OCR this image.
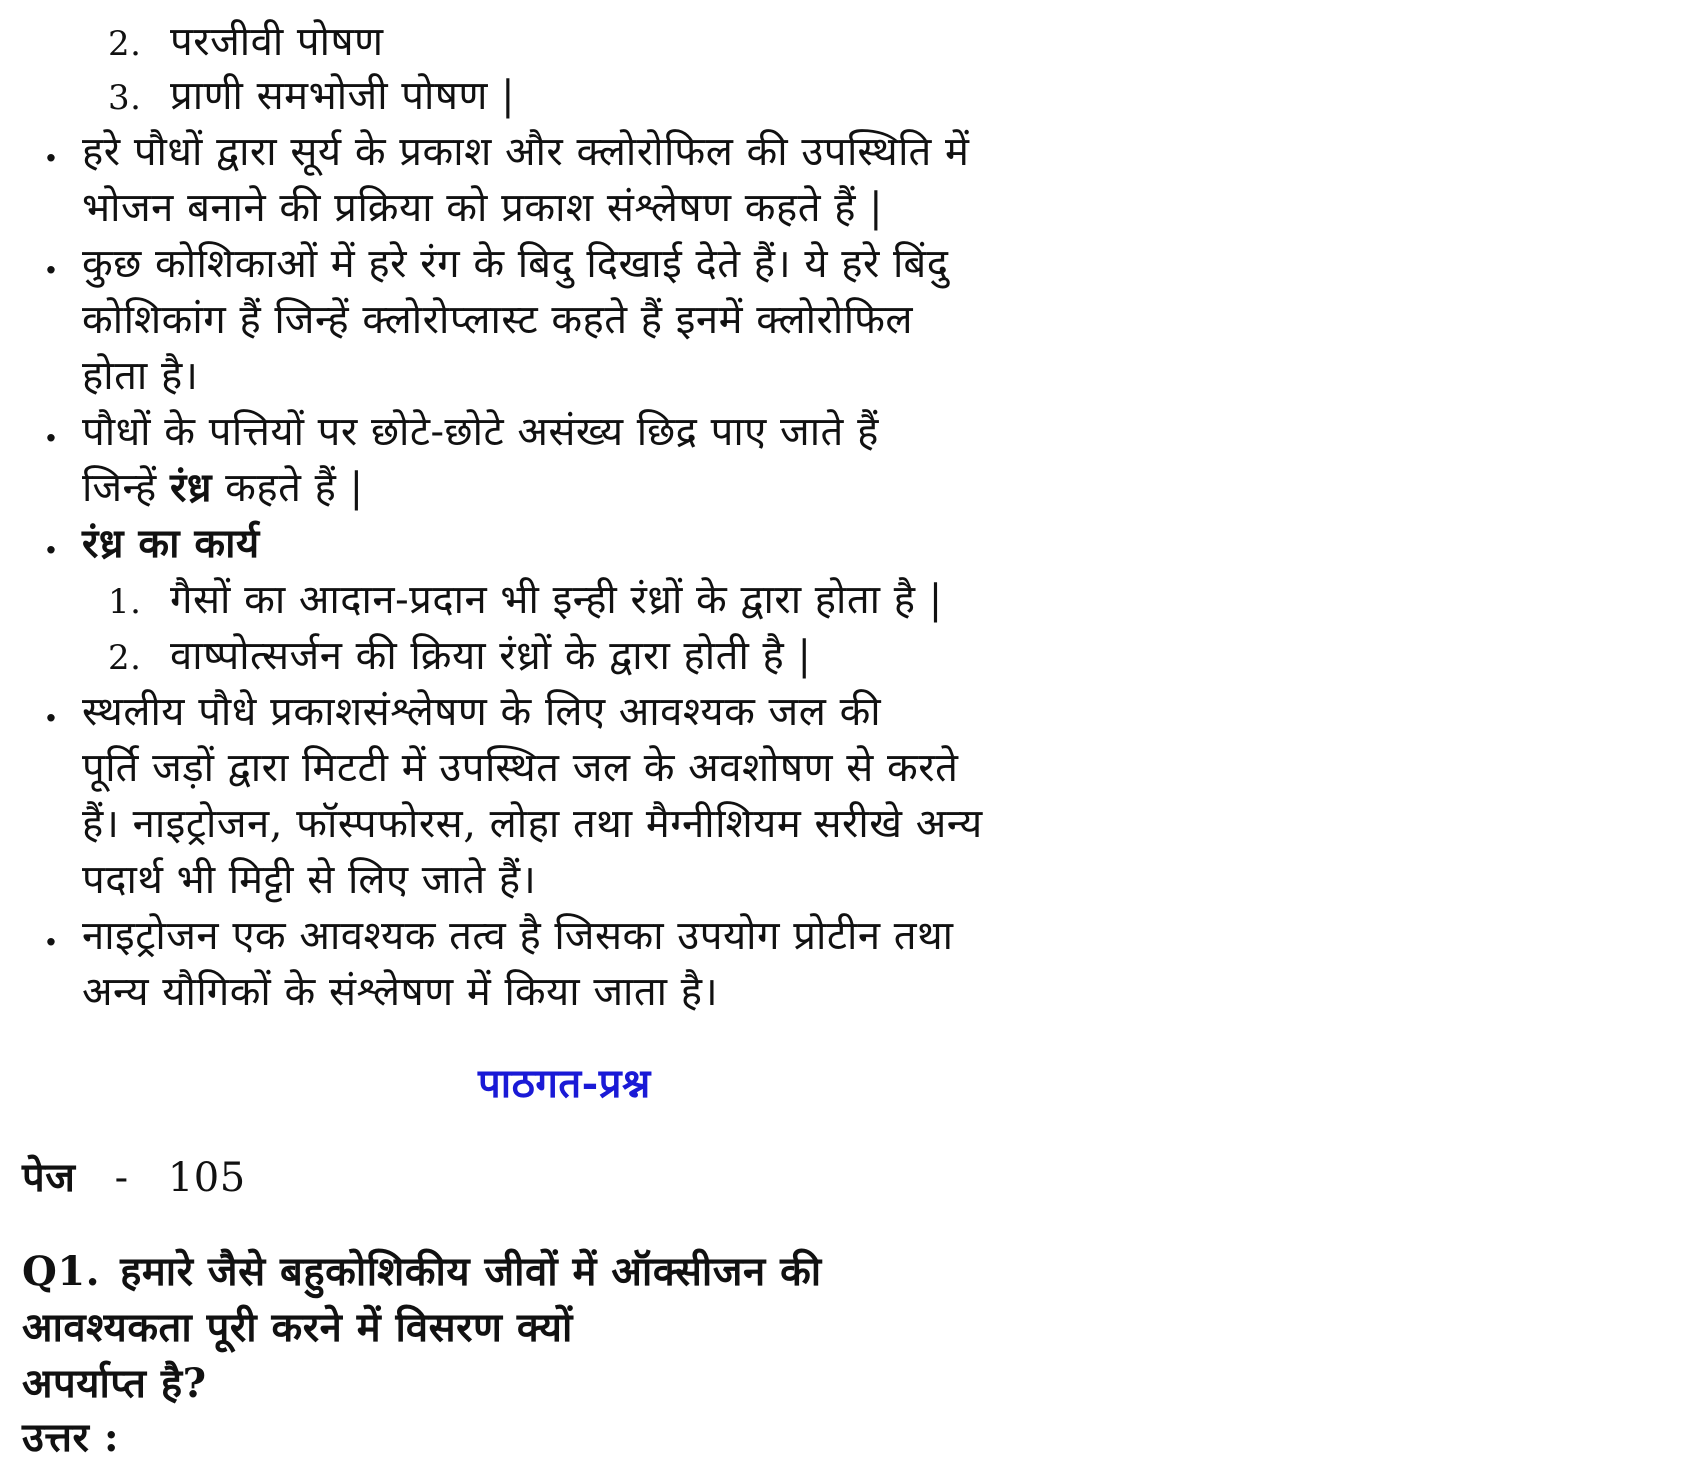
2. परजीवी पोषण
3. प्राणी समभोजी पोषण |
. हरे पौधों द्वारा सूर्य के प्रकाश और क्लोरोफिल की उपस्थिति में
भोजन बनाने की प्रक्रिया को प्रकाश संश्लेषण कहते हैं |
. कुछ कोशिकाओं में हरे रंग के बिदु दिखाई देते हैं। ये हरे बिंदु
कोशिकांग हैं जिन्हें क्लोरोप्लास्ट कहते हैं इनमें क्लोरोफिल
होता है।
. पौधों के पत्तियों पर छोटे-छोटे असंख्य छिद्र पाए जाते हैं
जिन्हें रंध्र कहते हैं |
. रंध्र का कार्य
1. गैसों का आदान-प्रदान भी इन्ही रंध्रों के द्वारा होता है |
2. वाष्पोत्सर्जन की क्रिया रंध्रों के द्वारा होती है |
. स्थलीय पौधे प्रकाशसंश्लेषण के लिए आवश्यक जल की
पूर्ति जड़ों द्वारा मिटटी में उपस्थित जल के अवशोषण से करते
हैं। नाइट्रोजन, फॉस्पफोरस, लोहा तथा मैग्नीशियम सरीखे अन्य
पदार्थ भी मिट्टी से लिए जाते हैं।
. नाइट्रोजन एक आवश्यक तत्व है जिसका उपयोग प्रोटीन तथा
अन्य यौगिकों के संश्लेषण में किया जाता है।
पाठगत-प्रश्न
पेज - 105
Q1. हमारे जैसे बहुकोशिकीय जीवों में ऑक्सीजन की
आवश्यकता पूरी करने में विसरण क्यों
अपर्याप्त है?
उत्तर :
